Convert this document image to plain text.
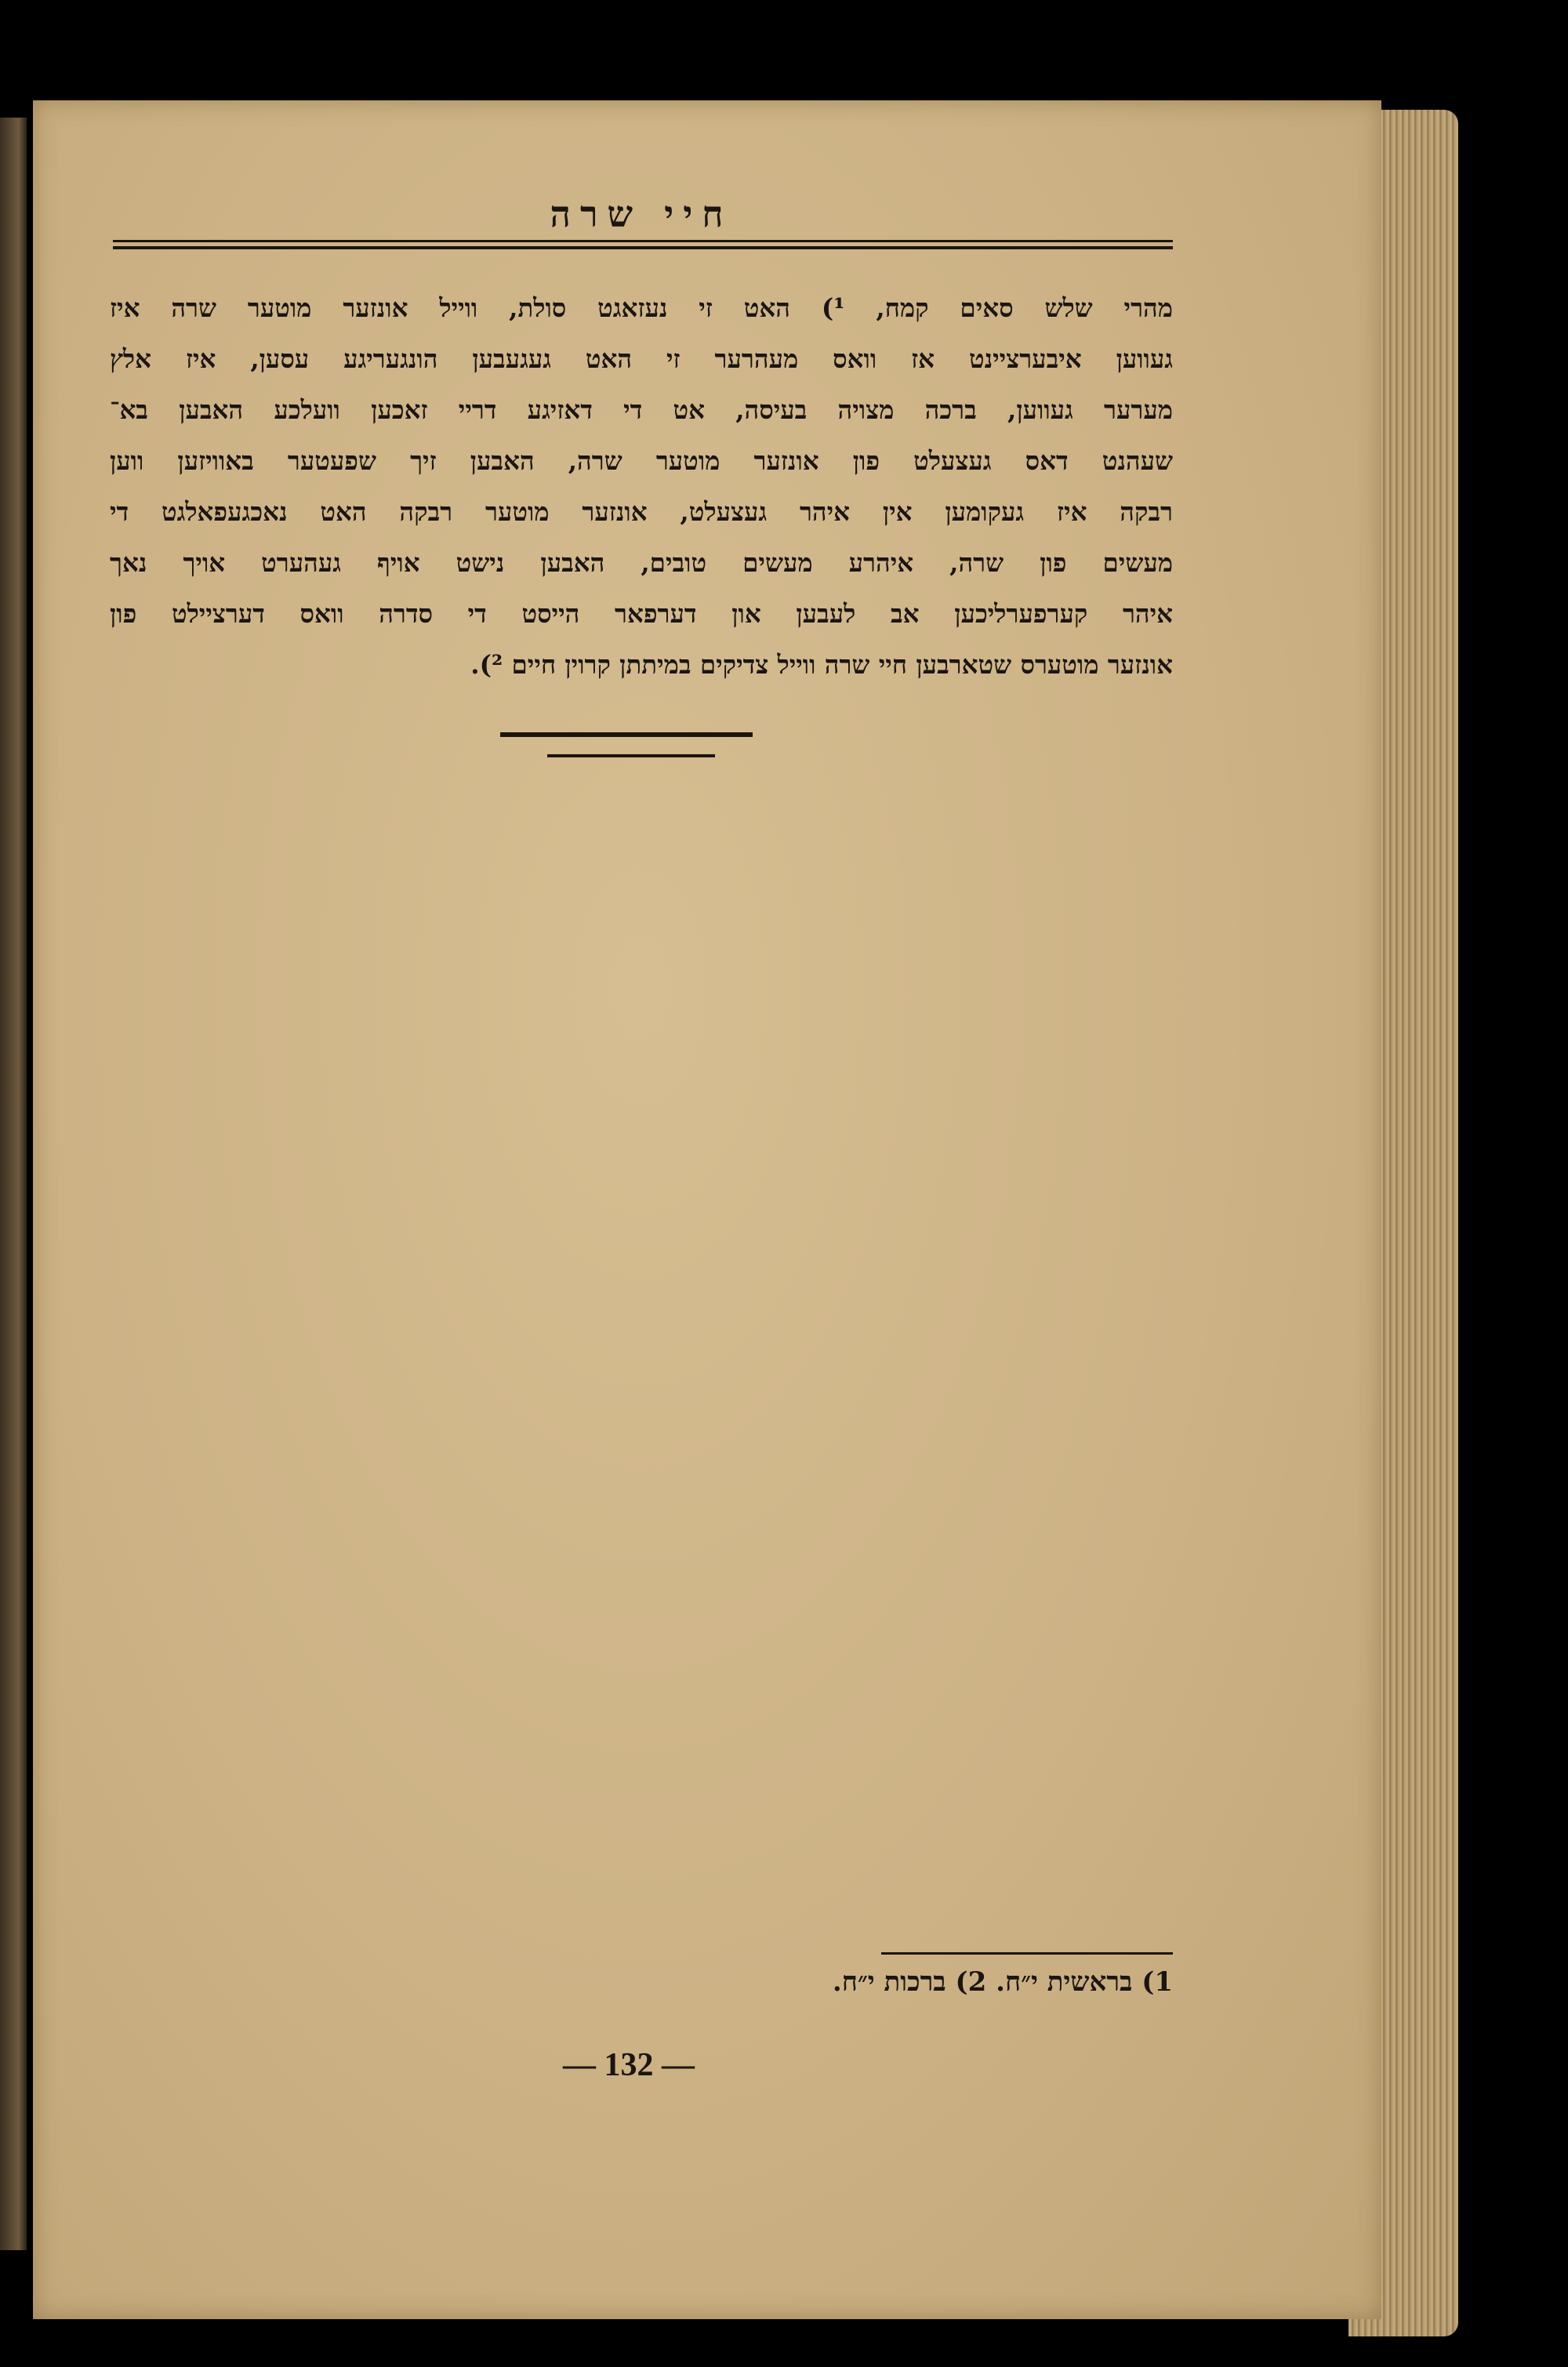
חיי שרה
מהרי שלש סאים קמח, ¹) האט זי נעזאגט סולת, ווייל אונזער מוטער שרה איז
געווען איבערציינט אז וואס מעהרער זי האט געגעבען הונגעריגע עסען, איז אלץ
מערער געווען, ברכה מצויה בעיסה, אט די דאזיגע דריי זאכען וועלכע האבען בא־
שעהנט דאס געצעלט פון אונזער מוטער שרה, האבען זיך שפעטער באוויזען ווען
רבקה איז געקומען אין איהר געצעלט, אונזער מוטער רבקה האט נאכגעפאלגט די
מעשים פון שרה, איהרע מעשים טובים, האבען נישט אויף געהערט אויך נאך
איהר קערפערליכען אב לעבען און דערפאר הייסט די סדרה וואס דערציילט פון
אונזער מוטערס שטארבען חיי שרה ווייל צדיקים במיתתן קרוין חיים ²).
1) בראשית י״ח. 2) ברכות י״ח.
— 132 —
